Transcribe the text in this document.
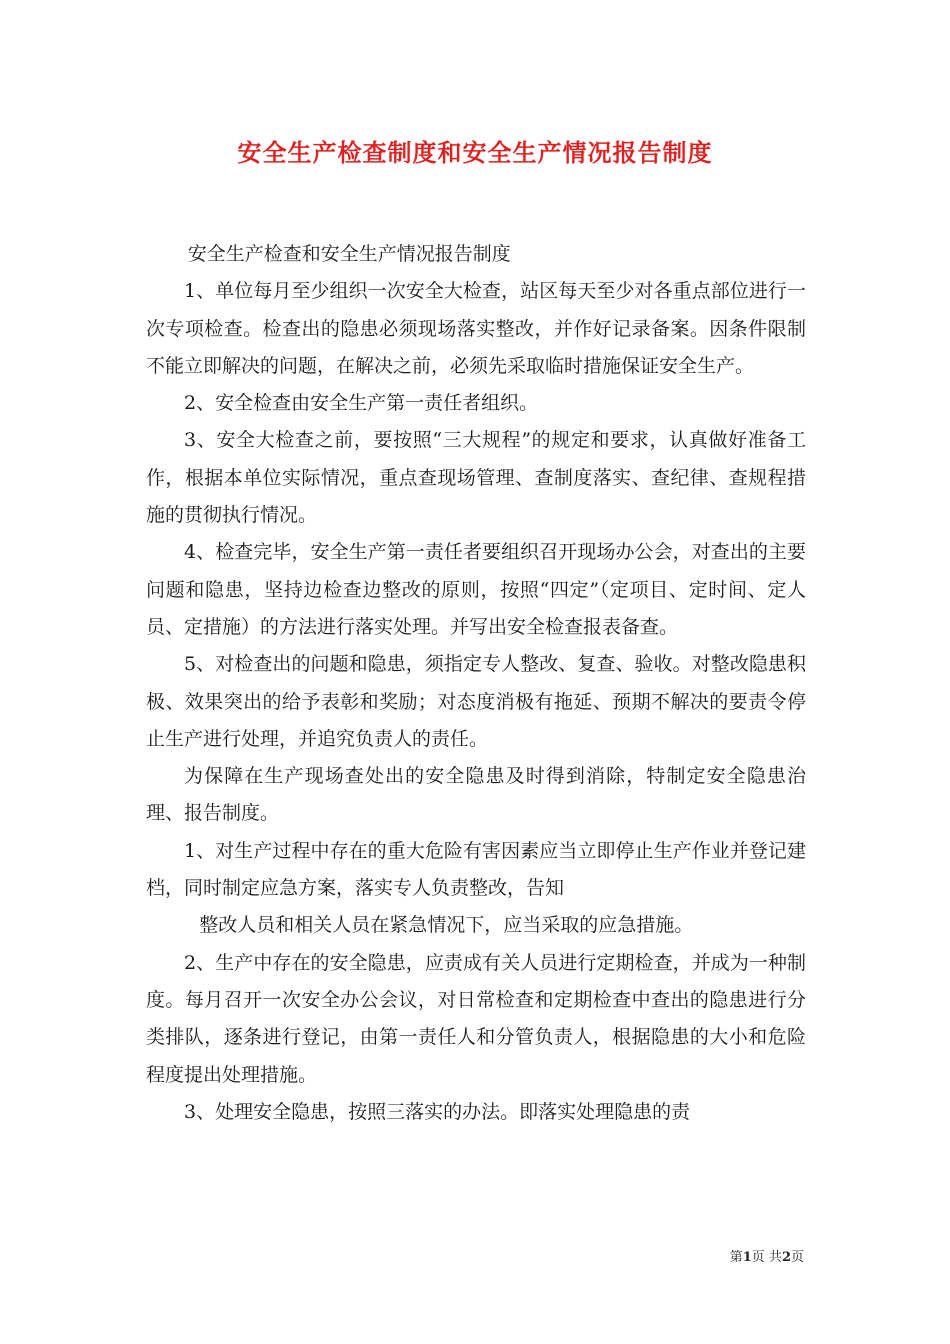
安全生产检查制度和安全生产情况报告制度

安全生产检查和安全生产情况报告制度

1、单位每月至少组织一次安全大检查，站区每天至少对各重点部位进行一次专项检查。检查出的隐患必须现场落实整改，并作好记录备案。因条件限制不能立即解决的问题，在解决之前，必须先采取临时措施保证安全生产。

2、安全检查由安全生产第一责任者组织。

3、安全大检查之前，要按照“三大规程”的规定和要求，认真做好准备工作，根据本单位实际情况，重点查现场管理、查制度落实、查纪律、查规程措施的贯彻执行情况。

4、检查完毕，安全生产第一责任者要组织召开现场办公会，对查出的主要问题和隐患，坚持边检查边整改的原则，按照“四定”（定项目、定时间、定人员、定措施）的方法进行落实处理。并写出安全检查报表备查。

5、对检查出的问题和隐患，须指定专人整改、复查、验收。对整改隐患积极、效果突出的给予表彰和奖励；对态度消极有拖延、预期不解决的要责令停止生产进行处理，并追究负责人的责任。

为保障在生产现场查处出的安全隐患及时得到消除，特制定安全隐患治理、报告制度。

1、对生产过程中存在的重大危险有害因素应当立即停止生产作业并登记建档，同时制定应急方案，落实专人负责整改，告知

整改人员和相关人员在紧急情况下，应当采取的应急措施。

2、生产中存在的安全隐患，应责成有关人员进行定期检查，并成为一种制度。每月召开一次安全办公会议，对日常检查和定期检查中查出的隐患进行分类排队，逐条进行登记，由第一责任人和分管负责人，根据隐患的大小和危险程度提出处理措施。

3、处理安全隐患，按照三落实的办法。即落实处理隐患的责

第1页 共2页
